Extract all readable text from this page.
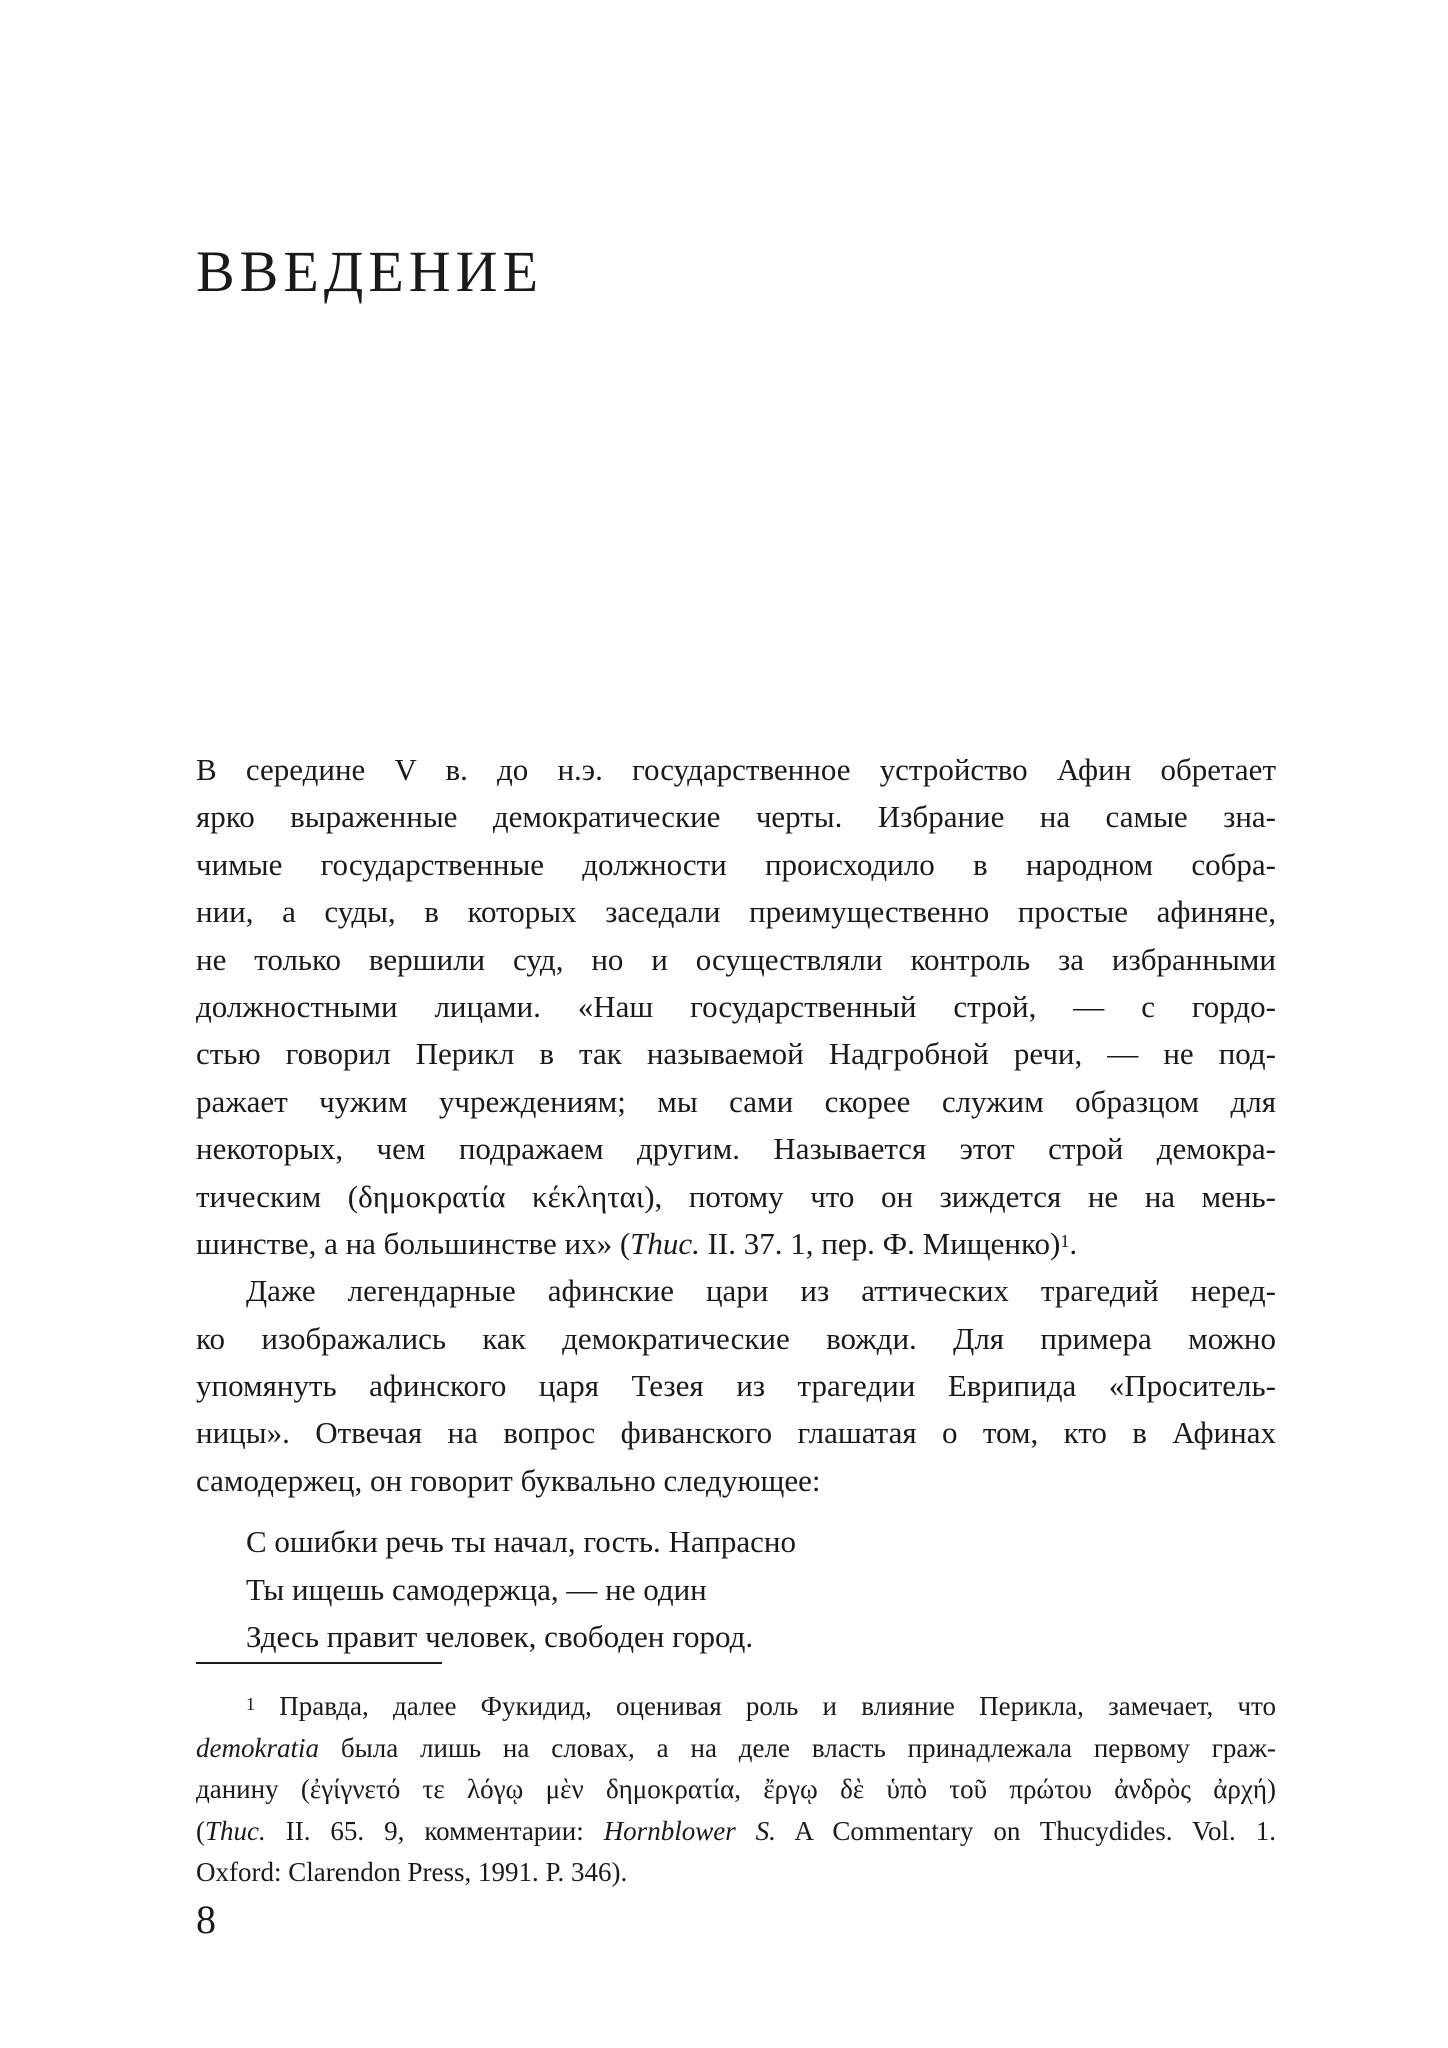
ВВЕДЕНИЕ
В середине V в. до н.э. государственное устройство Афин обретает
ярко выраженные демократические черты. Избрание на самые зна-
чимые государственные должности происходило в народном собра-
нии, а суды, в которых заседали преимущественно простые афиняне,
не только вершили суд, но и осуществляли контроль за избранными
должностными лицами. «Наш государственный строй, — с гордо-
стью говорил Перикл в так называемой Надгробной речи, — не под-
ражает чужим учреждениям; мы сами скорее служим образцом для
некоторых, чем подражаем другим. Называется этот строй демокра-
тическим (δημοκρατία κέκληται), потому что он зиждется не на мень-
шинстве, а на большинстве их» (Thuc. II. 37. 1, пер. Ф. Мищенко)$^1$.
Даже легендарные афинские цари из аттических трагедий неред-
ко изображались как демократические вожди. Для примера можно
упомянуть афинского царя Тезея из трагедии Еврипида «Проситель-
ницы». Отвечая на вопрос фиванского глашатая о том, кто в Афинах
самодержец, он говорит буквально следующее:
С ошибки речь ты начал, гость. Напрасно
Ты ищешь самодержца, — не один
Здесь правит человек, свободен город.
$^1$ Правда, далее Фукидид, оценивая роль и влияние Перикла, замечает, что
demokratia была лишь на словах, а на деле власть принадлежала первому граж-
данину (ἐγίγνετό τε λόγῳ μὲν δημοκρατία, ἔργῳ δὲ ὑπὸ τοῦ πρώτου ἀνδρὸς ἀρχή)
(Thuc. II. 65. 9, комментарии: Hornblower S. A Commentary on Thucydides. Vol. 1.
Oxford: Clarendon Press, 1991. P. 346).
8
